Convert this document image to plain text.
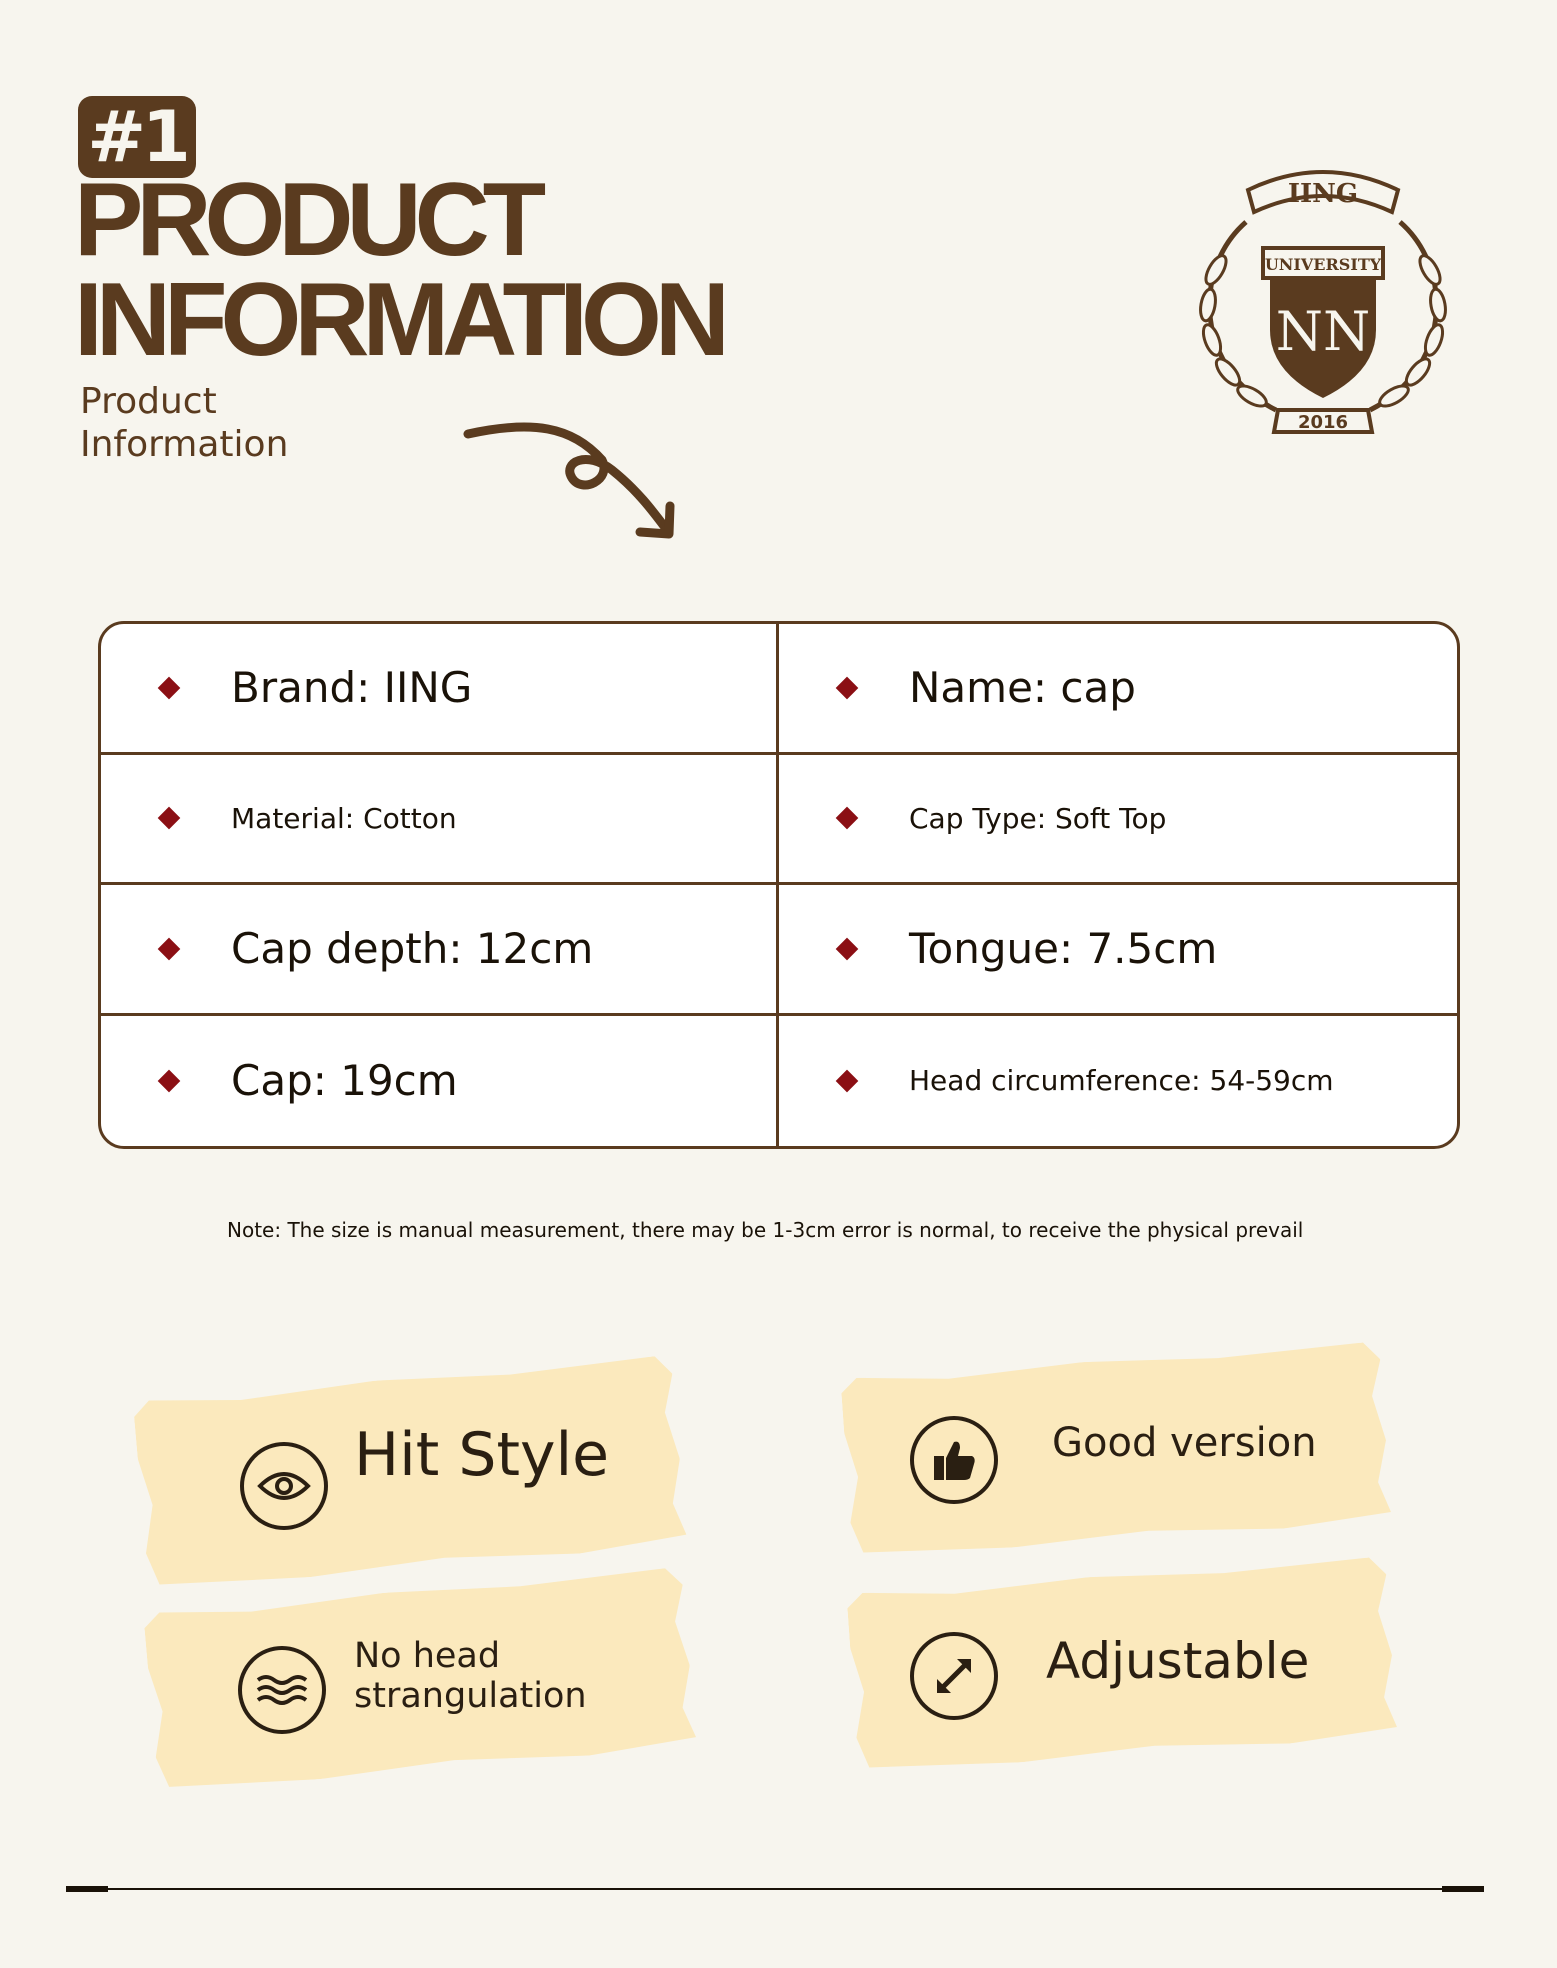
#1
PRODUCT
INFORMATION
Product
Information
IING
UNIVERSITY
NN
2016
Brand: IING	Name: cap
Material: Cotton	Cap Type: Soft Top
Cap depth: 12cm	Tongue: 7.5cm
Cap: 19cm	Head circumference: 54-59cm
Note: The size is manual measurement, there may be 1-3cm error is normal, to receive the physical prevail
Hit Style	Good version
No head
strangulation
Adjustable
